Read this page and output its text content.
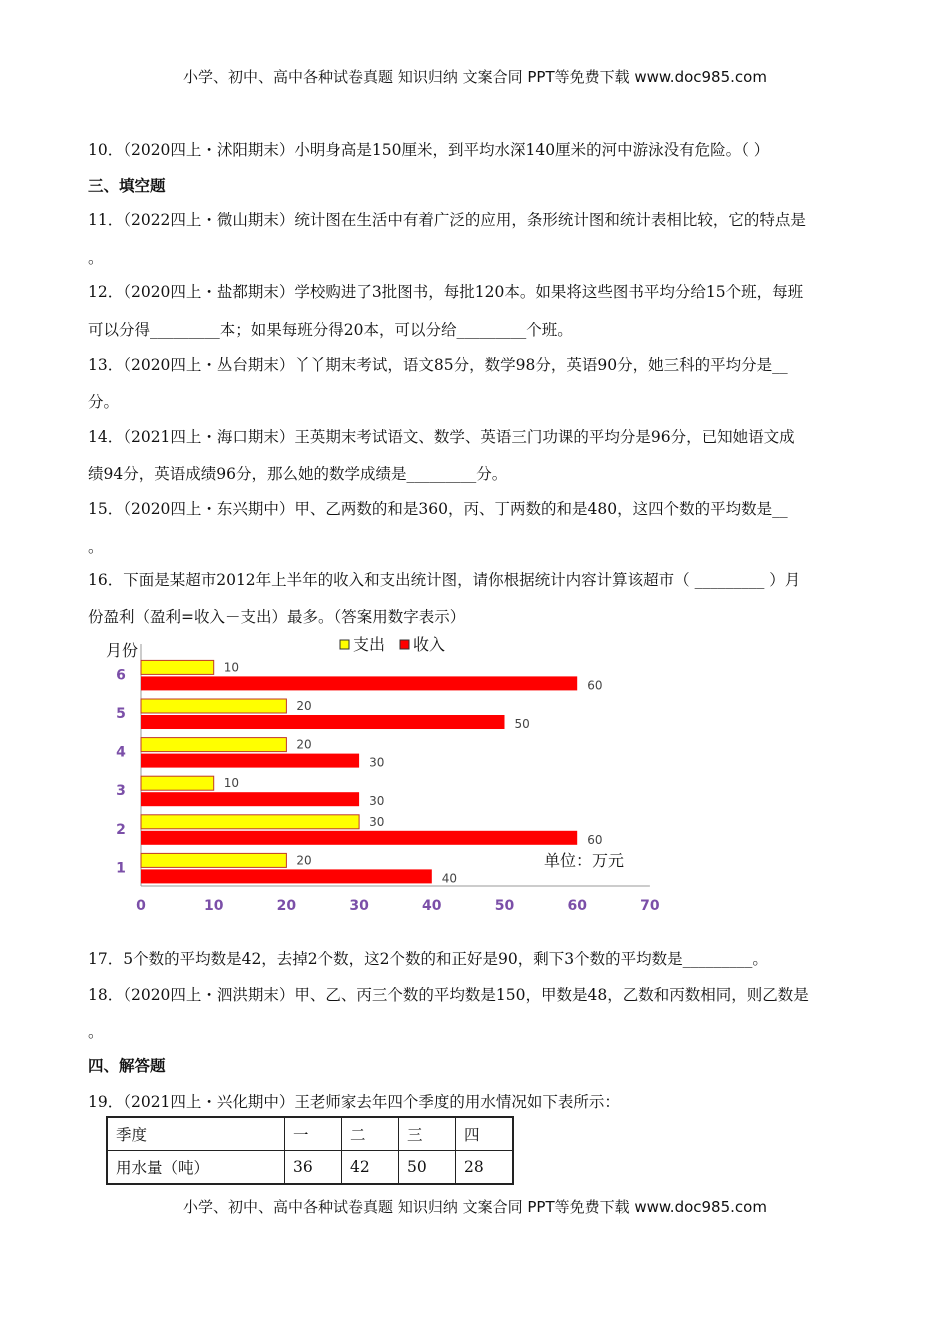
小学、初中、高中各种试卷真题 知识归纳 文案合同 PPT等免费下载 www.doc985.com
10．（2020四上・沭阳期末）小明身高是150厘米，到平均水深140厘米的河中游泳没有危险。（ ）
三、填空题
11．（2022四上・微山期末）统计图在生活中有着广泛的应用，条形统计图和统计表相比较，它的特点是
。
12．（2020四上・盐都期末）学校购进了3批图书，每批120本。如果将这些图书平均分给15个班，每班
可以分得_________本；如果每班分得20本，可以分给_________个班。
13．（2020四上・丛台期末）丫丫期末考试，语文85分，数学98分，英语90分，她三科的平均分是__
分。
14．（2021四上・海口期末）王英期末考试语文、数学、英语三门功课的平均分是96分，已知她语文成
绩94分，英语成绩96分，那么她的数学成绩是_________分。
15．（2020四上・东兴期中）甲、乙两数的和是360，丙、丁两数的和是480，这四个数的平均数是__
。
16．下面是某超市2012年上半年的收入和支出统计图，请你根据统计内容计算该超市（ _________ ）月
份盈利（盈利=收入－支出）最多。（答案用数字表示）
0	10	20	30	40	50	60	70
月份	支出 收入
20
40
1
30
60
2
10
30
3
20
30
4
20
50
5
10
60
6
单位：万元
17．5个数的平均数是42，去掉2个数，这2个数的和正好是90，剩下3个数的平均数是_________。
18．（2020四上・泗洪期末）甲、乙、丙三个数的平均数是150，甲数是48，乙数和丙数相同，则乙数是
。
四、解答题
19．（2021四上・兴化期中）王老师家去年四个季度的用水情况如下表所示：
季度	一	二	三	四
用水量（吨）	36	42	50	28
小学、初中、高中各种试卷真题 知识归纳 文案合同 PPT等免费下载 www.doc985.com
